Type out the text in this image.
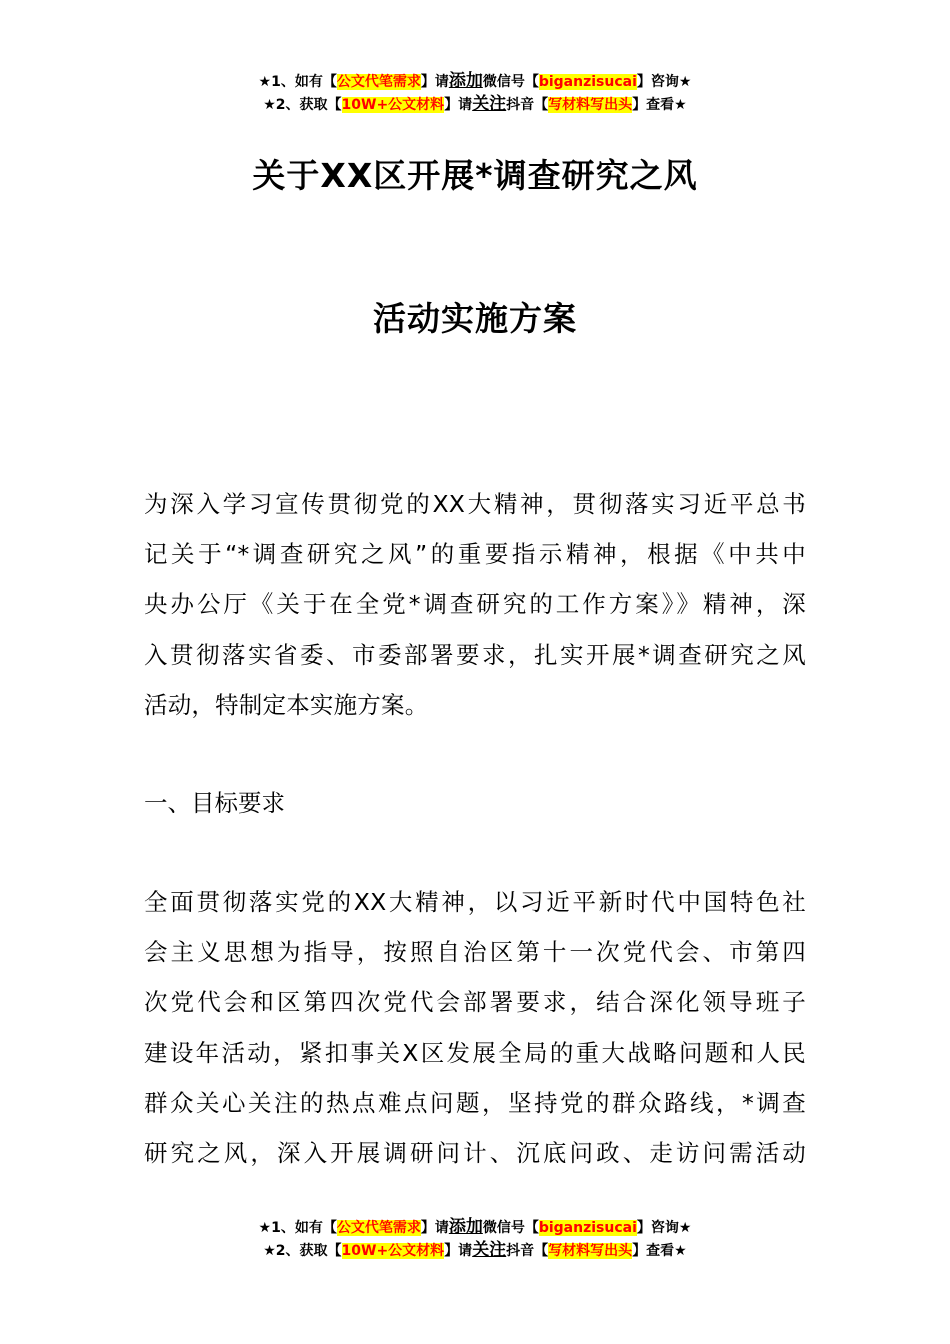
★1、如有【公文代笔需求】请添加微信号【biganzisucai】咨询★
★2、获取【10W+公文材料】请关注抖音【写材料写出头】查看★
关于XX区开展*调查研究之风
活动实施方案
为深入学习宣传贯彻党的XX大精神，贯彻落实习近平总书
记关于“*调查研究之风”的重要指示精神，根据《中共中
央办公厅《关于在全党*调查研究的工作方案》》精神，深
入贯彻落实省委、市委部署要求，扎实开展*调查研究之风
活动，特制定本实施方案。
一、目标要求
全面贯彻落实党的XX大精神，以习近平新时代中国特色社
会主义思想为指导，按照自治区第十一次党代会、市第四
次党代会和区第四次党代会部署要求，结合深化领导班子
建设年活动，紧扣事关X区发展全局的重大战略问题和人民
群众关心关注的热点难点问题，坚持党的群众路线，*调查
研究之风，深入开展调研问计、沉底问政、走访问需活动
★1、如有【公文代笔需求】请添加微信号【biganzisucai】咨询★
★2、获取【10W+公文材料】请关注抖音【写材料写出头】查看★
